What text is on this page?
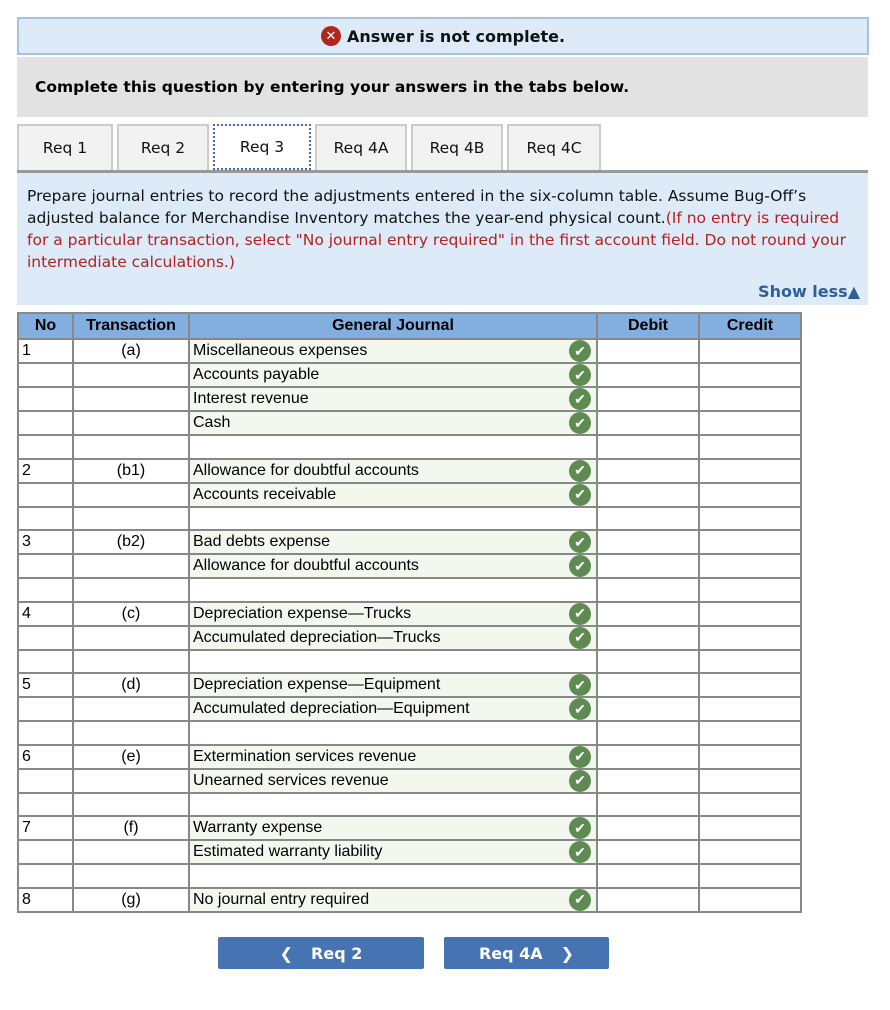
✕ Answer is not complete.
Complete this question by entering your answers in the tabs below.
Req 1	Req 2	Req 3	Req 4A	Req 4B	Req 4C
Prepare journal entries to record the adjustments entered in the six-column table. Assume Bug-Off’s adjusted balance for Merchandise Inventory matches the year-end physical count.(If no entry is required for a particular transaction, select "No journal entry required" in the first account field. Do not round your intermediate calculations.)
Show less▲
No	Transaction	General Journal	Debit	Credit
1	(a)	Miscellaneous expenses ✔		

		Accounts payable ✔		

		Interest revenue ✔		

		Cash ✔		

2	(b1)	Allowance for doubtful accounts ✔		

		Accounts receivable ✔		

3	(b2)	Bad debts expense ✔		

		Allowance for doubtful accounts ✔		

4	(c)	Depreciation expense—Trucks ✔		

		Accumulated depreciation—Trucks ✔		

5	(d)	Depreciation expense—Equipment ✔		

		Accumulated depreciation—Equipment ✔		

6	(e)	Extermination services revenue ✔		

		Unearned services revenue ✔		

7	(f)	Warranty expense ✔		

		Estimated warranty liability ✔		

8	(g)	No journal entry required ✔		

❮ Req 2	Req 4A ❯
